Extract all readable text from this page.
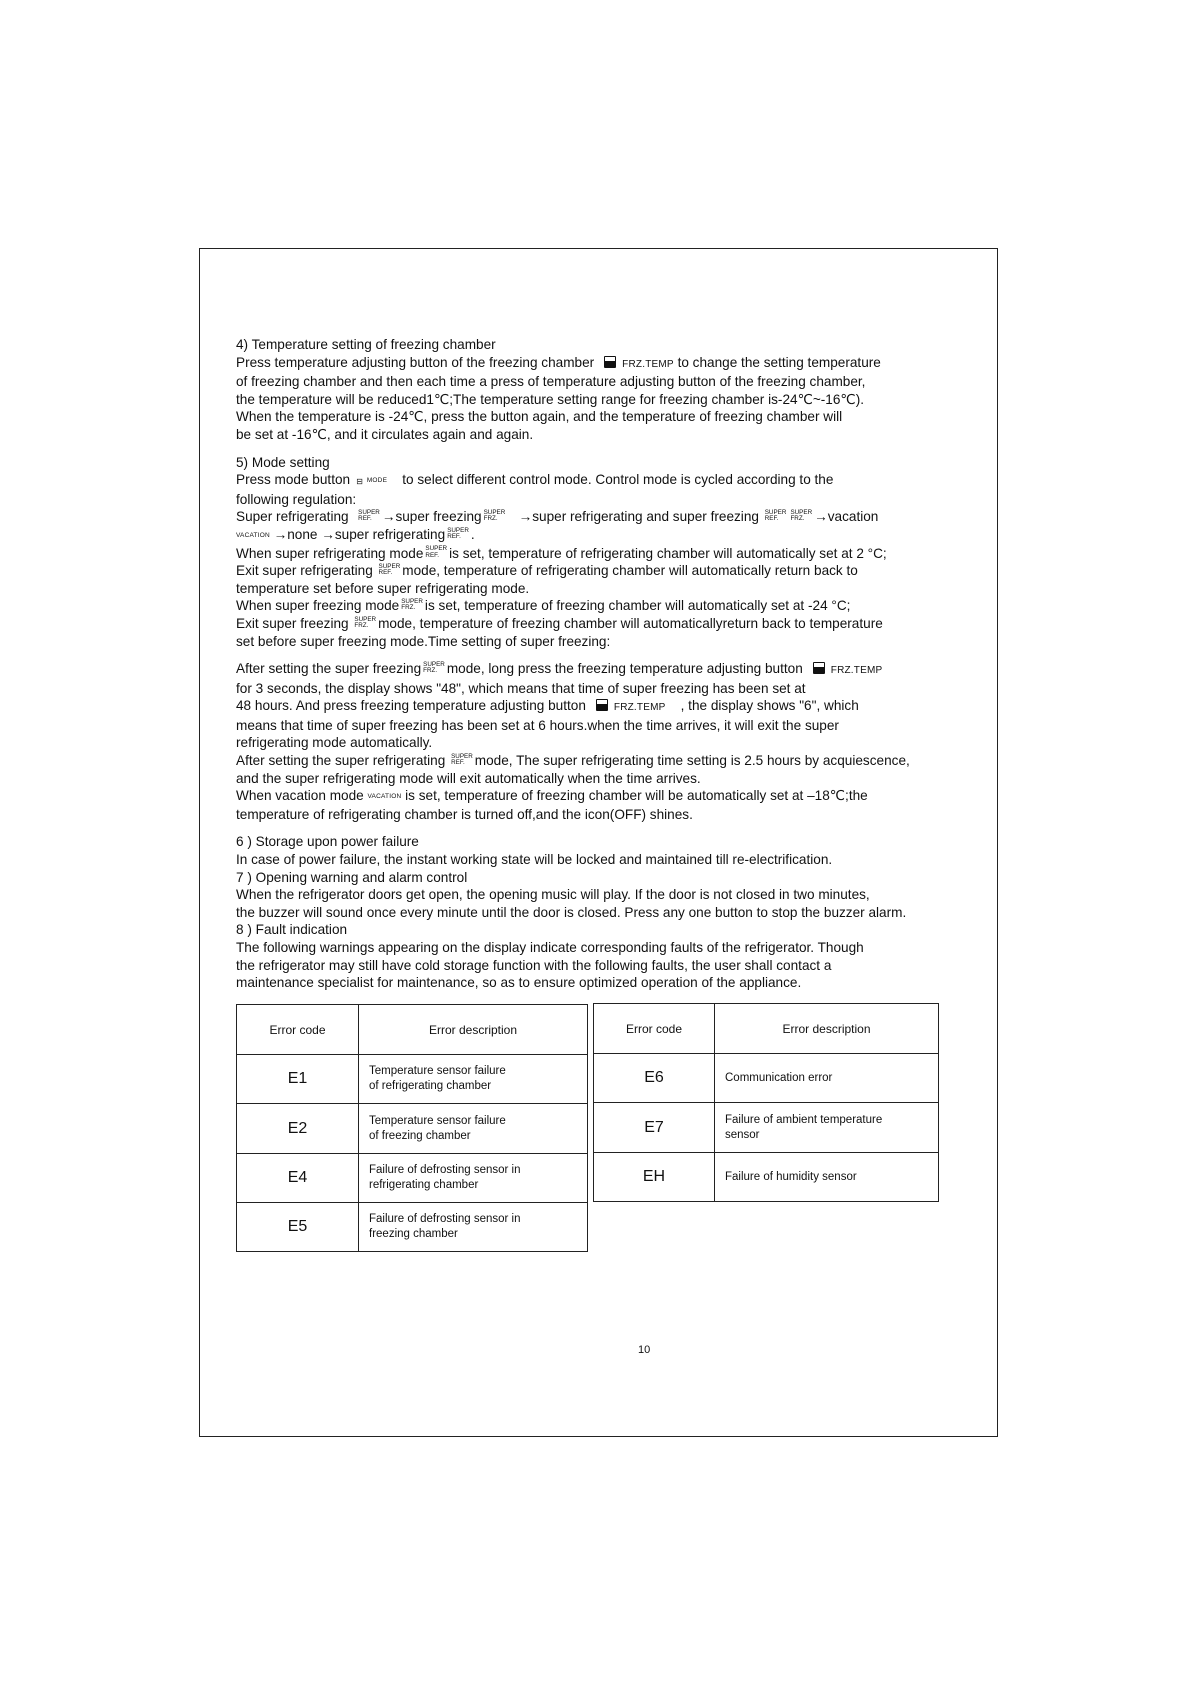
4) Temperature setting of freezing chamber

Press temperature adjusting button of the freezing chamber	FRZ.TEMP to change the setting temperature

of freezing chamber and then each time a press of temperature adjusting button of the freezing chamber,

the temperature will be reduced1℃;The temperature setting range for freezing chamber is-24℃~-16℃).

When the temperature is -24℃, press the button again, and the temperature of freezing chamber will

be set at -16℃, and it circulates again and again.

5) Mode setting

Press mode button ⊟ MODE to select different control mode. Control mode is cycled according to the

following regulation:

Super refrigerating SUPER
REF. →super freezing SUPER
FRZ. →super refrigerating and super freezing SUPER
REF.SUPER
FRZ. →vacation

VACATION →none →super refrigerating SUPER
REF. .

When super refrigerating mode SUPER
REF. is set, temperature of refrigerating chamber will automatically set at 2 °C;

Exit super refrigerating SUPER
REF. mode, temperature of refrigerating chamber will automatically return back to

temperature set before super refrigerating mode.

When super freezing mode SUPER
FRZ. is set, temperature of freezing chamber will automatically set at -24 °C;

Exit super freezing SUPER
FRZ. mode, temperature of freezing chamber will automaticallyreturn back to temperature

set before super freezing mode.Time setting of super freezing:

After setting the super freezing SUPER
FRZ. mode, long press the freezing temperature adjusting button	FRZ.TEMP

for 3 seconds, the display shows "48", which means that time of super freezing has been set at

48 hours. And press freezing temperature adjusting button	FRZ.TEMP , the display shows "6", which

means that time of super freezing has been set at 6 hours.when the time arrives, it will exit the super

refrigerating mode automatically.

After setting the super refrigerating SUPER
REF. mode, The super refrigerating time setting is 2.5 hours by acquiescence,

and the super refrigerating mode will exit automatically when the time arrives.

When vacation mode VACATION is set, temperature of freezing chamber will be automatically set at –18℃;the

temperature of refrigerating chamber is turned off,and the icon(OFF) shines.

6 ) Storage upon power failure

In case of power failure, the instant working state will be locked and maintained till re-electrification.

7 ) Opening warning and alarm control

When the refrigerator doors get open, the opening music will play. If the door is not closed in two minutes,

the buzzer will sound once every minute until the door is closed. Press any one button to stop the buzzer alarm.

8 ) Fault indication

The following warnings appearing on the display indicate corresponding faults of the refrigerator. Though

the refrigerator may still have cold storage function with the following faults, the user shall contact a

maintenance specialist for maintenance, so as to ensure optimized operation of the appliance.

Error code	Error description
E1	Temperature sensor failure
of refrigerating chamber
E2	Temperature sensor failure
of freezing chamber
E4	Failure of defrosting sensor in
refrigerating chamber
E5	Failure of defrosting sensor in
freezing chamber
Error code	Error description
E6	Communication error
E7	Failure of ambient temperature
sensor
EH	Failure of humidity sensor
10
